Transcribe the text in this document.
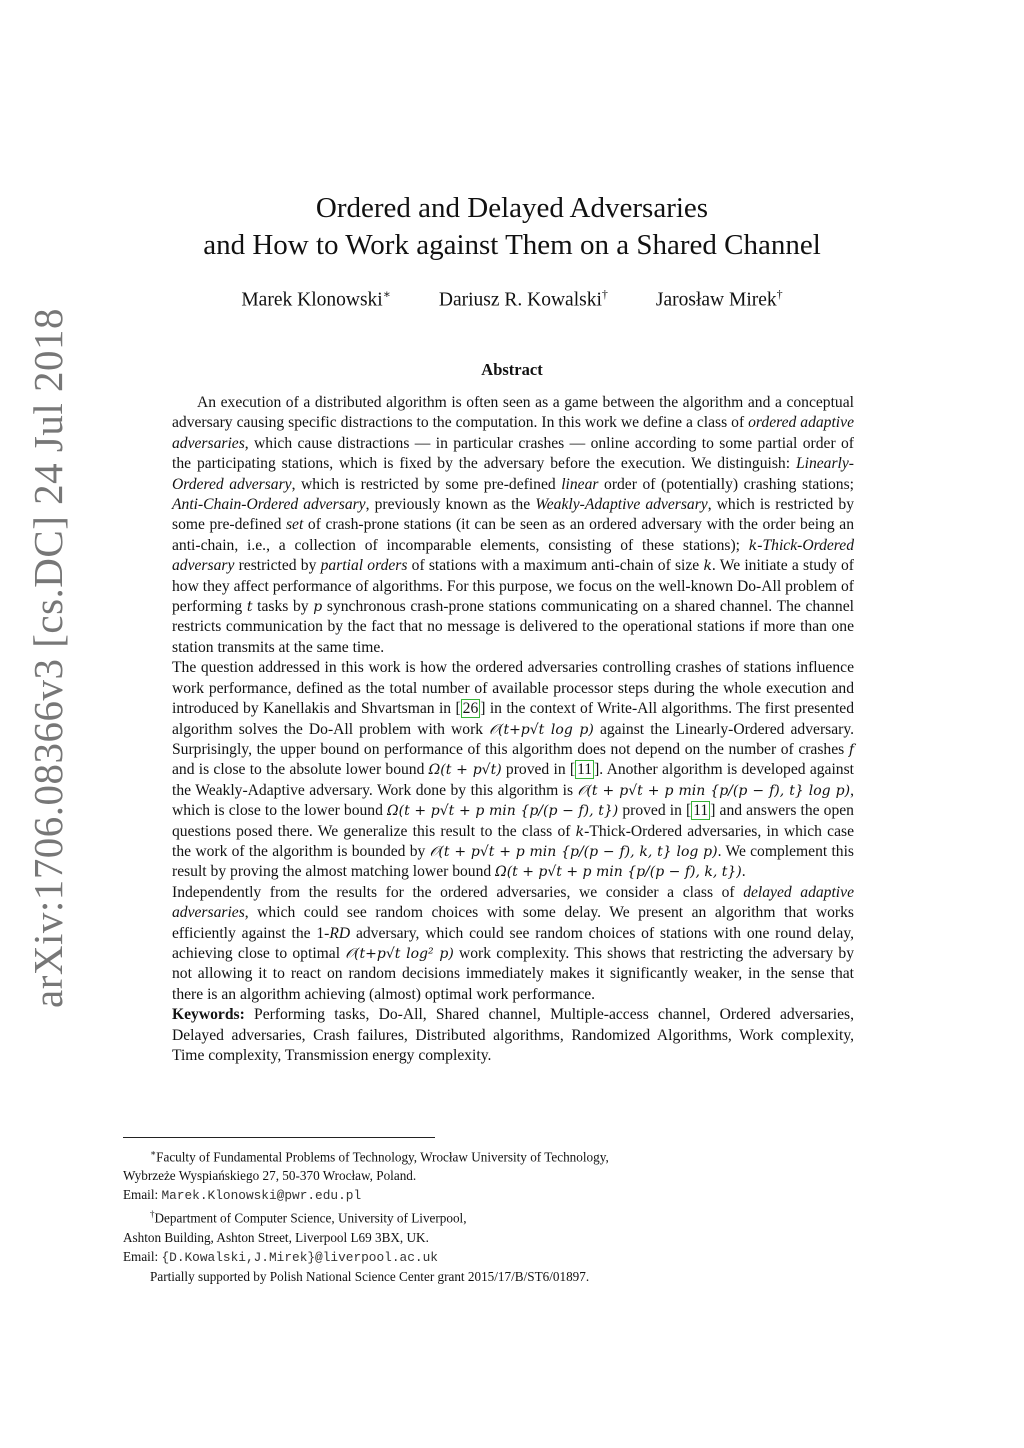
arXiv:1706.08366v3 [cs.DC] 24 Jul 2018
Ordered and Delayed Adversaries
and How to Work against Them on a Shared Channel
Marek Klonowski∗ Dariusz R. Kowalski† Jarosław Mirek†
Abstract

An execution of a distributed algorithm is often seen as a game between the algorithm and a conceptual adversary causing specific distractions to the computation. In this work we define a class of ordered adaptive adversaries, which cause distractions — in particular crashes — online according to some partial order of the participating stations, which is fixed by the adversary before the execution. We distinguish: Linearly-Ordered adversary, which is restricted by some pre-defined linear order of (potentially) crashing stations; Anti-Chain-Ordered adversary, previously known as the Weakly-Adaptive adversary, which is restricted by some pre-defined set of crash-prone stations (it can be seen as an ordered adversary with the order being an anti-chain, i.e., a collection of incomparable elements, consisting of these stations); k-Thick-Ordered adversary restricted by partial orders of stations with a maximum anti-chain of size k. We initiate a study of how they affect performance of algorithms. For this purpose, we focus on the well-known Do-All problem of performing t tasks by p synchronous crash-prone stations communicating on a shared channel. The channel restricts communication by the fact that no message is delivered to the operational stations if more than one station transmits at the same time.

The question addressed in this work is how the ordered adversaries controlling crashes of stations influence work performance, defined as the total number of available processor steps during the whole execution and introduced by Kanellakis and Shvartsman in [ 26 ] in the context of Write-All algorithms. The first presented algorithm solves the Do-All problem with work 𝒪(t+p√t log p) against the Linearly-Ordered adversary. Surprisingly, the upper bound on performance of this algorithm does not depend on the number of crashes f and is close to the absolute lower bound Ω(t + p√t) proved in [ 11 ]. Another algorithm is developed against the Weakly-Adaptive adversary. Work done by this algorithm is 𝒪(t + p√t + p min {p/(p − f), t} log p), which is close to the lower bound Ω(t + p√t + p min {p/(p − f), t}) proved in [ 11 ] and answers the open questions posed there. We generalize this result to the class of k-Thick-Ordered adversaries, in which case the work of the algorithm is bounded by 𝒪(t + p√t + p min {p/(p − f), k, t} log p). We complement this result by proving the almost matching lower bound Ω(t + p√t + p min {p/(p − f), k, t}).

Independently from the results for the ordered adversaries, we consider a class of delayed adaptive adversaries, which could see random choices with some delay. We present an algorithm that works efficiently against the 1-RD adversary, which could see random choices of stations with one round delay, achieving close to optimal 𝒪(t+p√t log² p) work complexity. This shows that restricting the adversary by not allowing it to react on random decisions immediately makes it significantly weaker, in the sense that there is an algorithm achieving (almost) optimal work performance.

Keywords: Performing tasks, Do-All, Shared channel, Multiple-access channel, Ordered adversaries, Delayed adversaries, Crash failures, Distributed algorithms, Randomized Algorithms, Work complexity, Time complexity, Transmission energy complexity.

∗Faculty of Fundamental Problems of Technology, Wrocław University of Technology,
Wybrzeże Wyspiańskiego 27, 50-370 Wrocław, Poland.
Email: Marek.Klonowski@pwr.edu.pl
†Department of Computer Science, University of Liverpool,
Ashton Building, Ashton Street, Liverpool L69 3BX, UK.
Email: {D.Kowalski,J.Mirek}@liverpool.ac.uk
Partially supported by Polish National Science Center grant 2015/17/B/ST6/01897.
